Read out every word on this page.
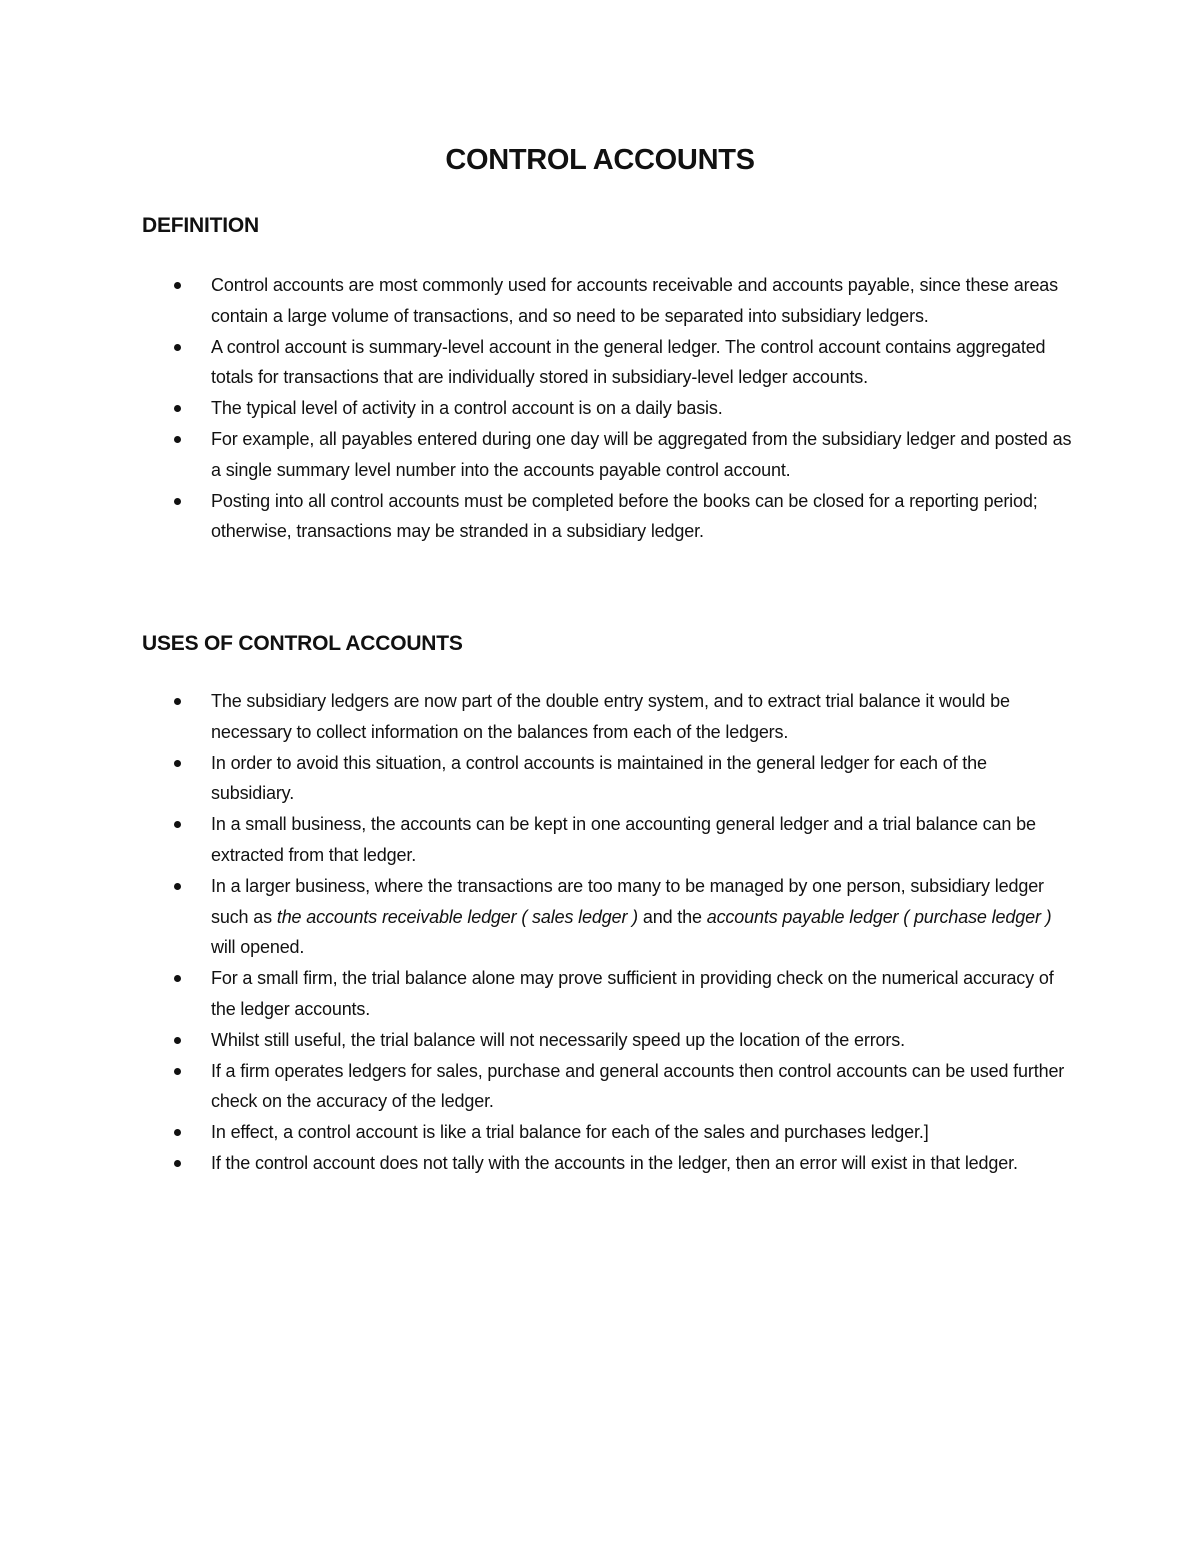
CONTROL ACCOUNTS
DEFINITION
Control accounts are most commonly used for accounts receivable and accounts payable, since these areas contain a large volume of transactions, and so need to be separated into subsidiary ledgers.
A control account is summary-level account in the general ledger. The control account contains aggregated totals for transactions that are individually stored in subsidiary-level ledger accounts.
The typical level of activity in a control account is on a daily basis.
For example, all payables entered during one day will be aggregated from the subsidiary ledger and posted as a single summary level number into the accounts payable control account.
Posting into all control accounts must be completed before the books can be closed for a reporting period; otherwise, transactions may be stranded in a subsidiary ledger.
USES OF CONTROL ACCOUNTS
The subsidiary ledgers are now part of the double entry system, and to extract trial balance it would be necessary to collect information on the balances from each of the ledgers.
In order to avoid this situation, a control accounts is maintained in the general ledger for each of the subsidiary.
In a small business, the accounts can be kept in one accounting general ledger and a trial balance can be extracted from that ledger.
In a larger business, where the transactions are too many to be managed by one person, subsidiary ledger such as the accounts receivable ledger ( sales ledger ) and the accounts payable ledger ( purchase ledger ) will opened.
For a small firm, the trial balance alone may prove sufficient in providing check on the numerical accuracy of the ledger accounts.
Whilst still useful, the trial balance will not necessarily speed up the location of the errors.
If a firm operates ledgers for sales, purchase and general accounts then control accounts can be used further check on the accuracy of the ledger.
In effect, a control account is like a trial balance for each of the sales and purchases ledger.]
If the control account does not tally with the accounts in the ledger, then an error will exist in that ledger.
